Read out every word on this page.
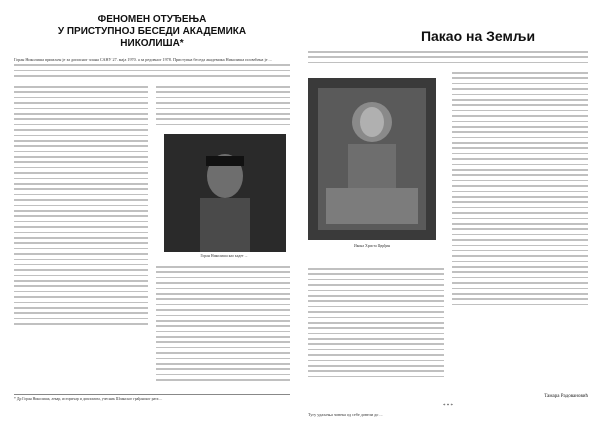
ФЕНОМЕН ОТУЂЕЊА
У ПРИСТУПНОЈ БЕСЕДИ АКАДЕМИКА
НИКОЛИША*
Горан Николиша примљен је за дописног члана САНУ 27. маја 1970. а за редовног 1978. Приступна беседа академика Николиша посвећена је ...
Горан Николиша као кадет ...
* Др Горан Николиша, лекар, историчар и дипломата, учесник Шпанског грађанског рата ...
Пакао на Земљи
Тамара Радовановић
* * *
Тугу удаљења човека од себе довели до ...
Икона Христа Цврђин
